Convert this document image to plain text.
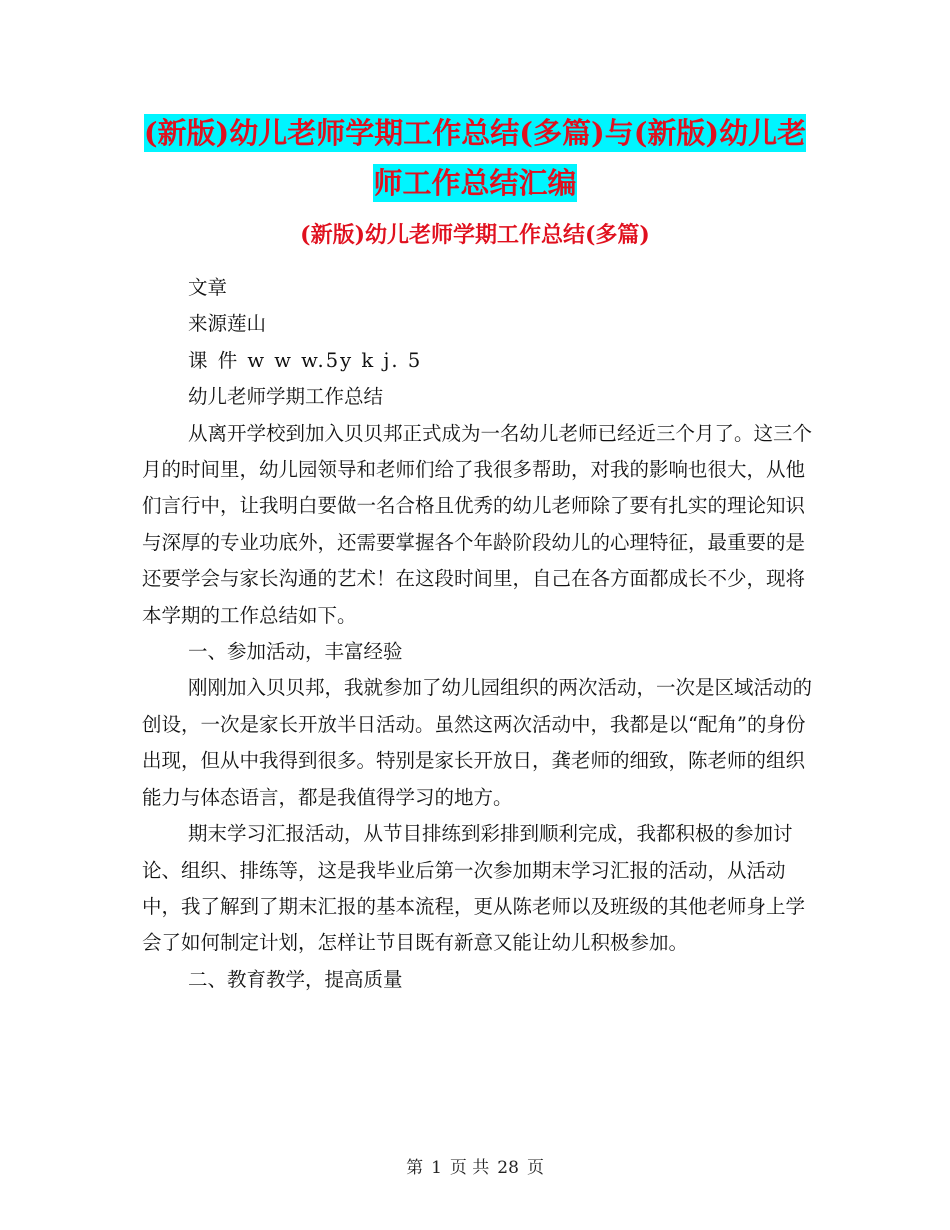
(新版)幼儿老师学期工作总结(多篇)与(新版)幼儿老
师工作总结汇编
(新版)幼儿老师学期工作总结(多篇)

文章

来源莲山

课 件 w w w.5y k j. 5

幼儿老师学期工作总结

从离开学校到加入贝贝邦正式成为一名幼儿老师已经近三个月了。这三个月的时间里，幼儿园领导和老师们给了我很多帮助，对我的影响也很大，从他们言行中，让我明白要做一名合格且优秀的幼儿老师除了要有扎实的理论知识与深厚的专业功底外，还需要掌握各个年龄阶段幼儿的心理特征，最重要的是还要学会与家长沟通的艺术！在这段时间里，自己在各方面都成长不少，现将本学期的工作总结如下。

一、参加活动，丰富经验

刚刚加入贝贝邦，我就参加了幼儿园组织的两次活动，一次是区域活动的创设，一次是家长开放半日活动。虽然这两次活动中，我都是以“配角”的身份出现，但从中我得到很多。特别是家长开放日，龚老师的细致，陈老师的组织能力与体态语言，都是我值得学习的地方。

期末学习汇报活动，从节目排练到彩排到顺利完成，我都积极的参加讨论、组织、排练等，这是我毕业后第一次参加期末学习汇报的活动，从活动中，我了解到了期末汇报的基本流程，更从陈老师以及班级的其他老师身上学会了如何制定计划，怎样让节目既有新意又能让幼儿积极参加。

二、教育教学，提高质量

第 1 页 共 28 页
